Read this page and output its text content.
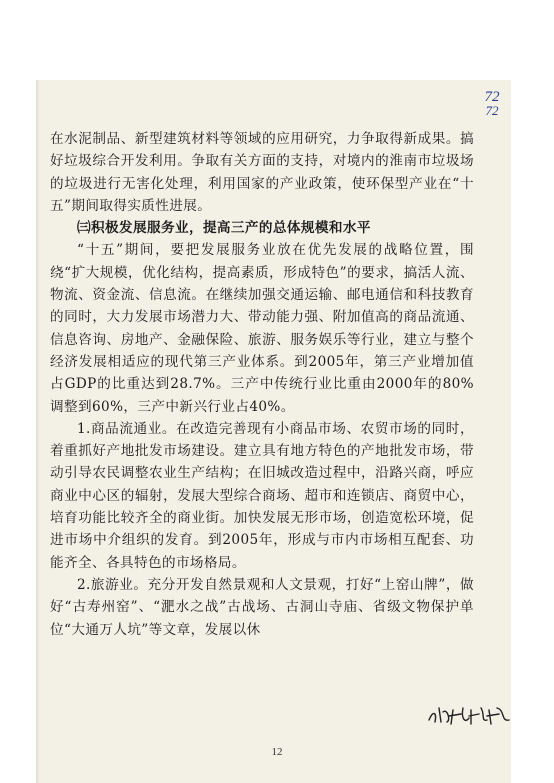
72
72

在水泥制品、新型建筑材料等领域的应用研究，力争取得新成果。搞好垃圾综合开发利用。争取有关方面的支持，对境内的淮南市垃圾场的垃圾进行无害化处理，利用国家的产业政策，使环保型产业在“十五”期间取得实质性进展。

㈢积极发展服务业，提高三产的总体规模和水平

“十五”期间，要把发展服务业放在优先发展的战略位置，围绕“扩大规模，优化结构，提高素质，形成特色”的要求，搞活人流、物流、资金流、信息流。在继续加强交通运输、邮电通信和科技教育的同时，大力发展市场潜力大、带动能力强、附加值高的商品流通、信息咨询、房地产、金融保险、旅游、服务娱乐等行业，建立与整个经济发展相适应的现代第三产业体系。到2005年，第三产业增加值占GDP的比重达到28.7%。三产中传统行业比重由2000年的80%调整到60%，三产中新兴行业占40%。

1.商品流通业。在改造完善现有小商品市场、农贸市场的同时，着重抓好产地批发市场建设。建立具有地方特色的产地批发市场，带动引导农民调整农业生产结构；在旧城改造过程中，沿路兴商，呼应商业中心区的辐射，发展大型综合商场、超市和连锁店、商贸中心，培育功能比较齐全的商业街。加快发展无形市场，创造宽松环境，促进市场中介组织的发育。到2005年，形成与市内市场相互配套、功能齐全、各具特色的市场格局。

2.旅游业。充分开发自然景观和人文景观，打好“上窑山牌”，做好“古寿州窑”、“淝水之战”古战场、古洞山寺庙、省级文物保护单位“大通万人坑”等文章，发展以休

12
